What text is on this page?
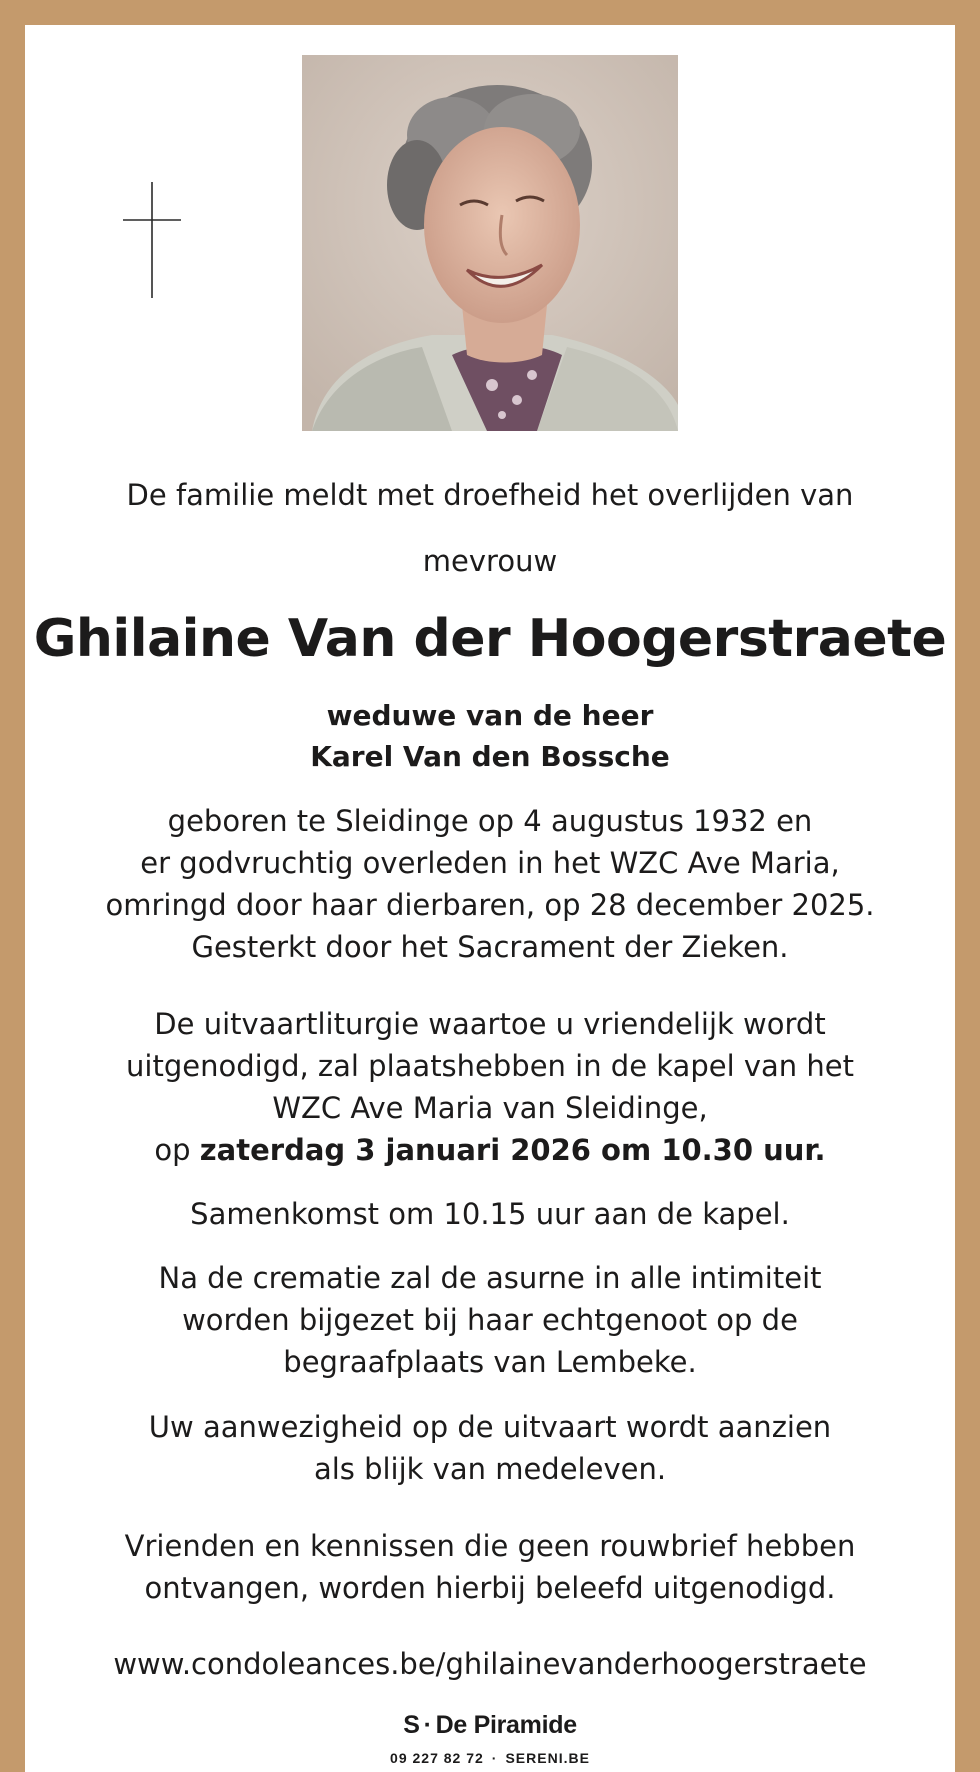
De familie meldt met droefheid het overlijden van
mevrouw
Ghilaine Van der Hoogerstraete
weduwe van de heer
Karel Van den Bossche
geboren te Sleidinge op 4 augustus 1932 en
er godvruchtig overleden in het WZC Ave Maria,
omringd door haar dierbaren, op 28 december 2025.
Gesterkt door het Sacrament der Zieken.
De uitvaartliturgie waartoe u vriendelijk wordt
uitgenodigd, zal plaatshebben in de kapel van het
WZC Ave Maria van Sleidinge,
op zaterdag 3 januari 2026 om 10.30 uur.
Samenkomst om 10.15 uur aan de kapel.
Na de crematie zal de asurne in alle intimiteit
worden bijgezet bij haar echtgenoot op de
begraafplaats van Lembeke.
Uw aanwezigheid op de uitvaart wordt aanzien
als blijk van medeleven.
Vrienden en kennissen die geen rouwbrief hebben
ontvangen, worden hierbij beleefd uitgenodigd.
www.condoleances.be/ghilainevanderhoogerstraete
S · De Piramide
09 227 82 72 · SERENI.BE
